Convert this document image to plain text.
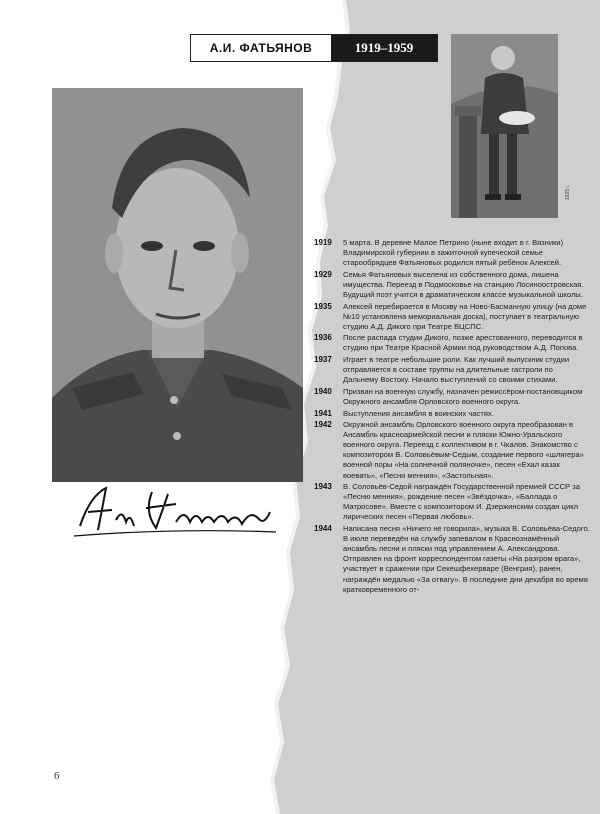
А.И. ФАТЬЯНОВ	1919–1959
1925 г.
1919	5 марта. В деревне Малое Петрино (ныне входит в г. Вязники) Владимирской губернии в зажиточной купеческой семье старообрядцев Фатьяновых родился пятый ребёнок Алексей.
1929	Семья Фатьяновых выселена из собственного дома, лишена имущества. Переезд в Подмосковье на станцию Лосиноостровская. Будущий поэт учится в драматическом классе музыкальной школы.
1935	Алексей перебирается в Москву на Ново-Басманную улицу (на доме №10 установлена мемориальная доска), поступает в театральную студию А.Д. Дикого при Театре ВЦСПС.
1936	После распада студии Дикого, позже арестованного, переводится в студию при Театре Красной Армии под руководством А.Д. Попова.
1937	Играет в театре небольшие роли. Как лучший выпускник студии отправляется в составе труппы на длительные гастроли по Дальнему Востоку. Начало выступлений со своими стихами.
1940	Призван на военную службу, назначен режиссёром-постановщиком Окружного ансамбля Орловского военного округа.
1941	Выступления ансамбля в воинских частях.
1942	Окружной ансамбль Орловского военного округа преобразован в Ансамбль красноармейской песни и пляски Южно-Уральского военного округа. Переезд с коллективом в г. Чкалов. Знакомство с композитором В. Соловьёвым-Седым, создание первого «шлягера» военной поры «На солнечной поляночке», песен «Ехал казак воевать», «Песня менния», «Застольная».
1943	В. Соловьёв-Седой награждён Государственной премией СССР за «Песню менния», рождение песен «Звёздочка», «Баллада о Матросове». Вместе с композитором И. Дзержинским создан цикл лирических песен «Первая любовь».
1944	Написана песня «Ничего не говорила», музыка В. Соловьёва-Седого. В июле переведён на службу запевалом в Краснознамённый ансамбль песни и пляски под управлением А. Александрова. Отправлен на фронт корреспондентом газеты «На разгром врага», участвует в сражении при Секешфехерваре (Венгрия), ранен, награждён медалью «За отвагу». В последние дни декабря во время кратковременного от-
6
